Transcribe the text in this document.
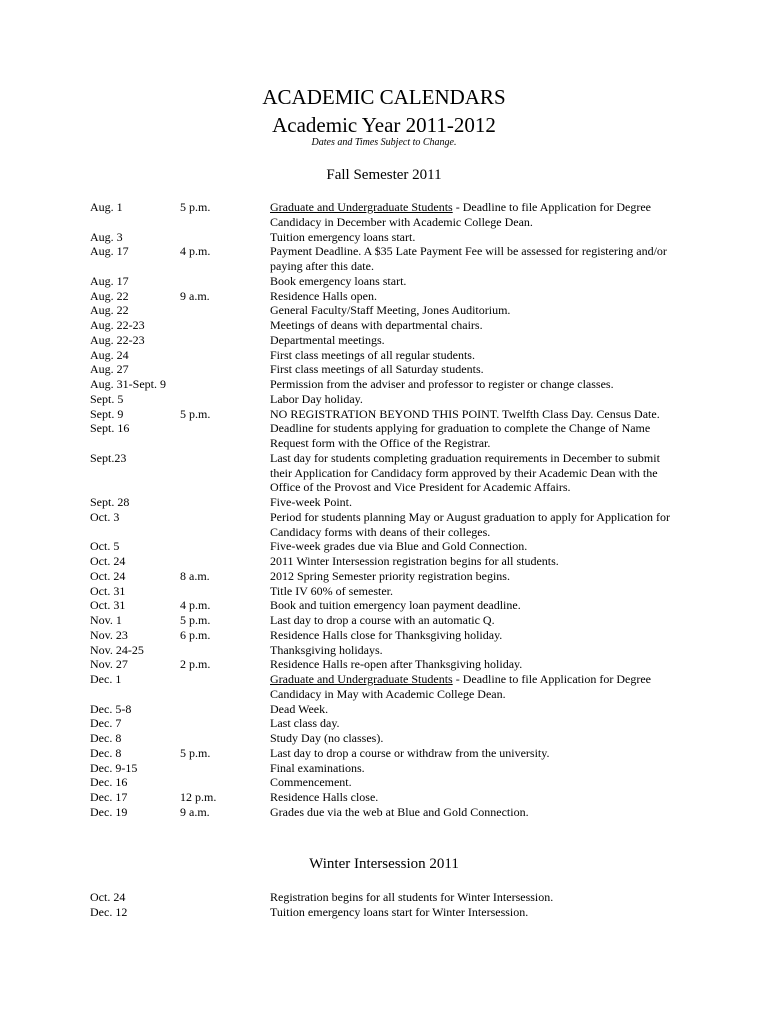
ACADEMIC CALENDARS
Academic Year 2011-2012
Dates and Times Subject to Change.
Fall Semester 2011
Aug. 1	5 p.m.	Graduate and Undergraduate Students - Deadline to file Application for Degree Candidacy in December with Academic College Dean.
Aug. 3	Tuition emergency loans start.
Aug. 17	4 p.m.	Payment Deadline. A $35 Late Payment Fee will be assessed for registering and/or paying after this date.
Aug. 17	Book emergency loans start.
Aug. 22	9 a.m.	Residence Halls open.
Aug. 22	General Faculty/Staff Meeting, Jones Auditorium.
Aug. 22-23	Meetings of deans with departmental chairs.
Aug. 22-23	Departmental meetings.
Aug. 24	First class meetings of all regular students.
Aug. 27	First class meetings of all Saturday students.
Aug. 31-Sept. 9	Permission from the adviser and professor to register or change classes.
Sept. 5	Labor Day holiday.
Sept. 9	5 p.m.	NO REGISTRATION BEYOND THIS POINT. Twelfth Class Day. Census Date.
Sept. 16	Deadline for students applying for graduation to complete the Change of Name Request form with the Office of the Registrar.
Sept.23	Last day for students completing graduation requirements in December to submit their Application for Candidacy form approved by their Academic Dean with the Office of the Provost and Vice President for Academic Affairs.
Sept. 28	Five-week Point.
Oct. 3	Period for students planning May or August graduation to apply for Application for Candidacy forms with deans of their colleges.
Oct. 5	Five-week grades due via Blue and Gold Connection.
Oct. 24	2011 Winter Intersession registration begins for all students.
Oct. 24	8 a.m.	2012 Spring Semester priority registration begins.
Oct. 31	Title IV 60% of semester.
Oct. 31	4 p.m.	Book and tuition emergency loan payment deadline.
Nov. 1	5 p.m.	Last day to drop a course with an automatic Q.
Nov. 23	6 p.m.	Residence Halls close for Thanksgiving holiday.
Nov. 24-25	Thanksgiving holidays.
Nov. 27	2 p.m.	Residence Halls re-open after Thanksgiving holiday.
Dec. 1	Graduate and Undergraduate Students - Deadline to file Application for Degree Candidacy in May with Academic College Dean.
Dec. 5-8	Dead Week.
Dec. 7	Last class day.
Dec. 8	Study Day (no classes).
Dec. 8	5 p.m.	Last day to drop a course or withdraw from the university.
Dec. 9-15	Final examinations.
Dec. 16	Commencement.
Dec. 17	12 p.m.	Residence Halls close.
Dec. 19	9 a.m.	Grades due via the web at Blue and Gold Connection.
Winter Intersession 2011
Oct. 24	Registration begins for all students for Winter Intersession.
Dec. 12	Tuition emergency loans start for Winter Intersession.
